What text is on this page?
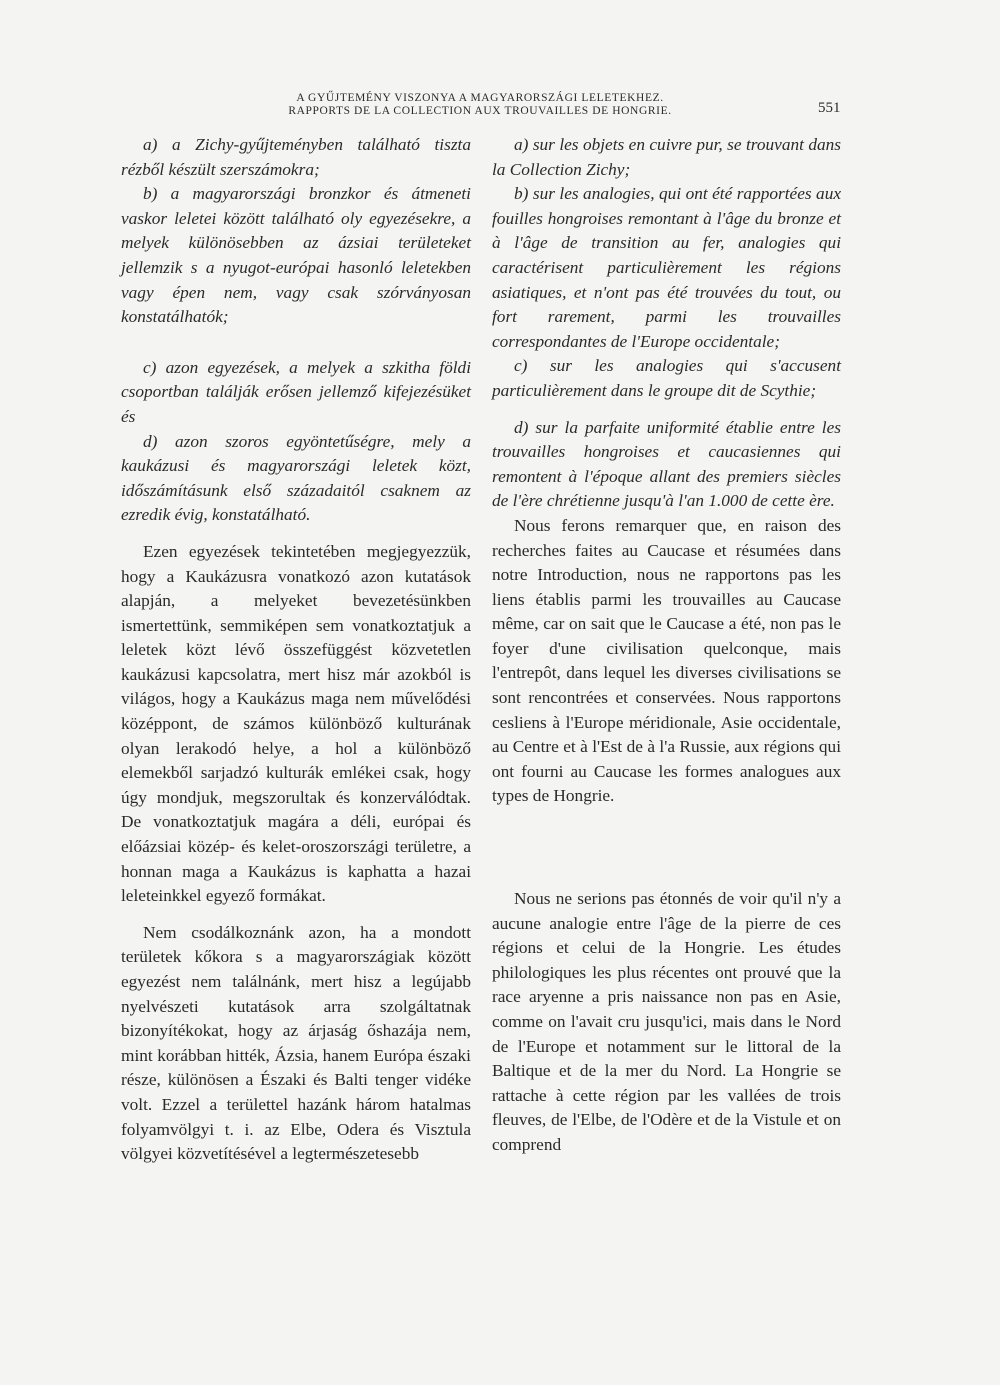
A GYŰJTEMÉNY VISZONYA A MAGYARORSZÁGI LELETEKHEZ.
RAPPORTS DE LA COLLECTION AUX TROUVAILLES DE HONGRIE.	551

a) a Zichy-gyűjteményben található tiszta rézből készült szerszámokra;

b) a magyarországi bronzkor és átmeneti vaskor leletei között található oly egyezésekre, a melyek különösebben az ázsiai területeket jellemzik s a nyugot-európai hasonló leletekben vagy épen nem, vagy csak szórványosan konstatálhatók;

c) azon egyezések, a melyek a szkitha földi csoportban találják erősen jellemző kifejezésüket és

d) azon szoros egyöntetűségre, mely a kaukázusi és magyarországi leletek közt, időszámításunk első századaitól csaknem az ezredik évig, konstatálható.

Ezen egyezések tekintetében megjegyezzük, hogy a Kaukázusra vonatkozó azon kutatások alapján, a melyeket bevezetésünkben ismertettünk, semmiképen sem vonatkoztatjuk a leletek közt lévő összefüggést közvetetlen kaukázusi kapcsolatra, mert hisz már azokból is világos, hogy a Kaukázus maga nem művelődési középpont, de számos különböző kulturának olyan lerakodó helye, a hol a különböző elemekből sarjadzó kulturák emlékei csak, hogy úgy mondjuk, megszorultak és konzerválódtak. De vonatkoztatjuk magára a déli, európai és előázsiai közép- és kelet-oroszországi területre, a honnan maga a Kaukázus is kaphatta a hazai leleteinkkel egyező formákat.

Nem csodálkoznánk azon, ha a mondott területek kőkora s a magyarországiak között egyezést nem találnánk, mert hisz a legújabb nyelvészeti kutatások arra szolgáltatnak bizonyítékokat, hogy az árjaság őshazája nem, mint korábban hitték, Ázsia, hanem Európa északi része, különösen a Északi és Balti tenger vidéke volt. Ezzel a területtel hazánk három hatalmas folyamvölgyi t. i. az Elbe, Odera és Visztula völgyei közvetítésével a legtermészetesebb

a) sur les objets en cuivre pur, se trouvant dans la Collection Zichy;

b) sur les analogies, qui ont été rapportées aux fouilles hongroises remontant à l'âge du bronze et à l'âge de transition au fer, analogies qui caractérisent particulièrement les régions asiatiques, et n'ont pas été trouvées du tout, ou fort rarement, parmi les trouvailles correspondantes de l'Europe occidentale;

c) sur les analogies qui s'accusent particulièrement dans le groupe dit de Scythie;

d) sur la parfaite uniformité établie entre les trouvailles hongroises et caucasiennes qui remontent à l'époque allant des premiers siècles de l'ère chrétienne jusqu'à l'an 1.000 de cette ère.

Nous ferons remarquer que, en raison des recherches faites au Caucase et résumées dans notre Introduction, nous ne rapportons pas les liens établis parmi les trouvailles au Caucase même, car on sait que le Caucase a été, non pas le foyer d'une civilisation quelconque, mais l'entrepôt, dans lequel les diverses civilisations se sont rencontrées et conservées. Nous rapportons cesliens à l'Europe méridionale, Asie occidentale, au Centre et à l'Est de à l'a Russie, aux régions qui ont fourni au Caucase les formes analogues aux types de Hongrie.

Nous ne serions pas étonnés de voir qu'il n'y a aucune analogie entre l'âge de la pierre de ces régions et celui de la Hongrie. Les études philologiques les plus récentes ont prouvé que la race aryenne a pris naissance non pas en Asie, comme on l'avait cru jusqu'ici, mais dans le Nord de l'Europe et notamment sur le littoral de la Baltique et de la mer du Nord. La Hongrie se rattache à cette région par les vallées de trois fleuves, de l'Elbe, de l'Odère et de la Vistule et on comprend
